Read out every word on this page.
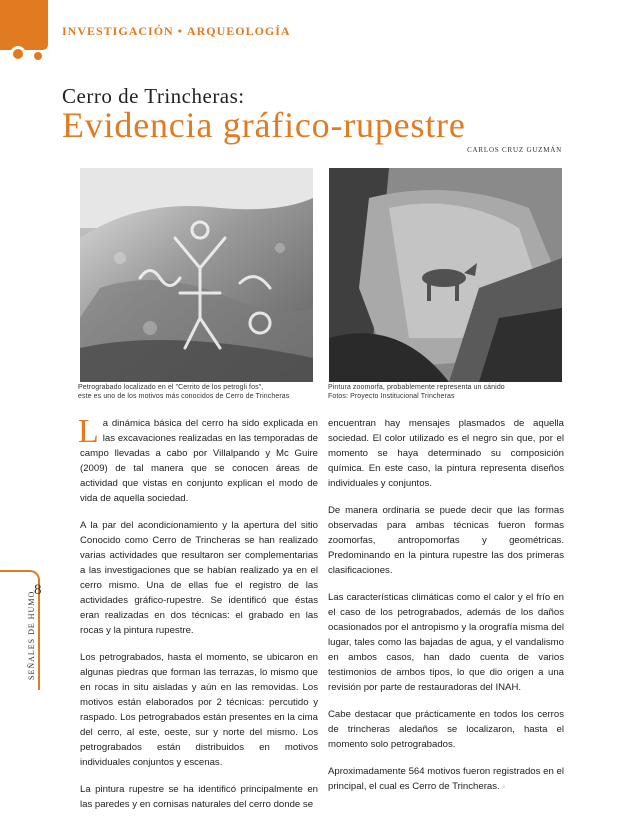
INVESTIGACIÓN • ARQUEOLOGÍA
Cerro de Trincheras:
Evidencia gráfico-rupestre
CARLOS CRUZ GUZMÁN
Petrograbado localizado en el "Cerrito de los petrogli fos",
este es uno de los motivos más conocidos de Cerro de Trincheras
Pintura zoomorfa, probablemente representa un cánido
Fotos: Proyecto Institucional Trincheras

La dinámica básica del cerro ha sido explicada en las excavaciones realizadas en las temporadas de campo llevadas a cabo por Villalpando y Mc Guire (2009) de tal manera que se conocen áreas de actividad que vistas en conjunto explican el modo de vida de aquella sociedad.

A la par del acondicionamiento y la apertura del sitio Conocido como Cerro de Trincheras se han realizado varias actividades que resultaron ser complementarias a las investigaciones que se habían realizado ya en el cerro mismo. Una de ellas fue el registro de las actividades gráfico-rupestre. Se identificó que éstas eran realizadas en dos técnicas: el grabado en las rocas y la pintura rupestre.

Los petrograbados, hasta el momento, se ubicaron en algunas piedras que forman las terrazas, lo mismo que en rocas in situ aisladas y aún en las removidas. Los motivos están elaborados por 2 técnicas: percutido y raspado. Los petrograbados están presentes en la cima del cerro, al este, oeste, sur y norte del mismo. Los petrograbados están distribuidos en motivos individuales conjuntos y escenas.

La pintura rupestre se ha identificó principalmente en las paredes y en cornisas naturales del cerro donde se

encuentran hay mensajes plasmados de aquella sociedad. El color utilizado es el negro sin que, por el momento se haya determinado su composición química. En este caso, la pintura representa diseños individuales y conjuntos.

De manera ordinaria se puede decir que las formas observadas para ambas técnicas fueron formas zoomorfas, antropomorfas y geométricas. Predominando en la pintura rupestre las dos primeras clasificaciones.

Las características climáticas como el calor y el frío en el caso de los petrograbados, además de los daños ocasionados por el antropismo y la orografía misma del lugar, tales como las bajadas de agua, y el vandalismo en ambos casos, han dado cuenta de varios testimonios de ambos tipos, lo que dio origen a una revisión por parte de restauradoras del INAH.

Cabe destacar que prácticamente en todos los cerros de trincheras aledaños se localizaron, hasta el momento solo petrograbados.

Aproximadamente 564 motivos fueron registrados en el principal, el cual es Cerro de Trincheras. ◦

8
SEÑALES DE HUMO
